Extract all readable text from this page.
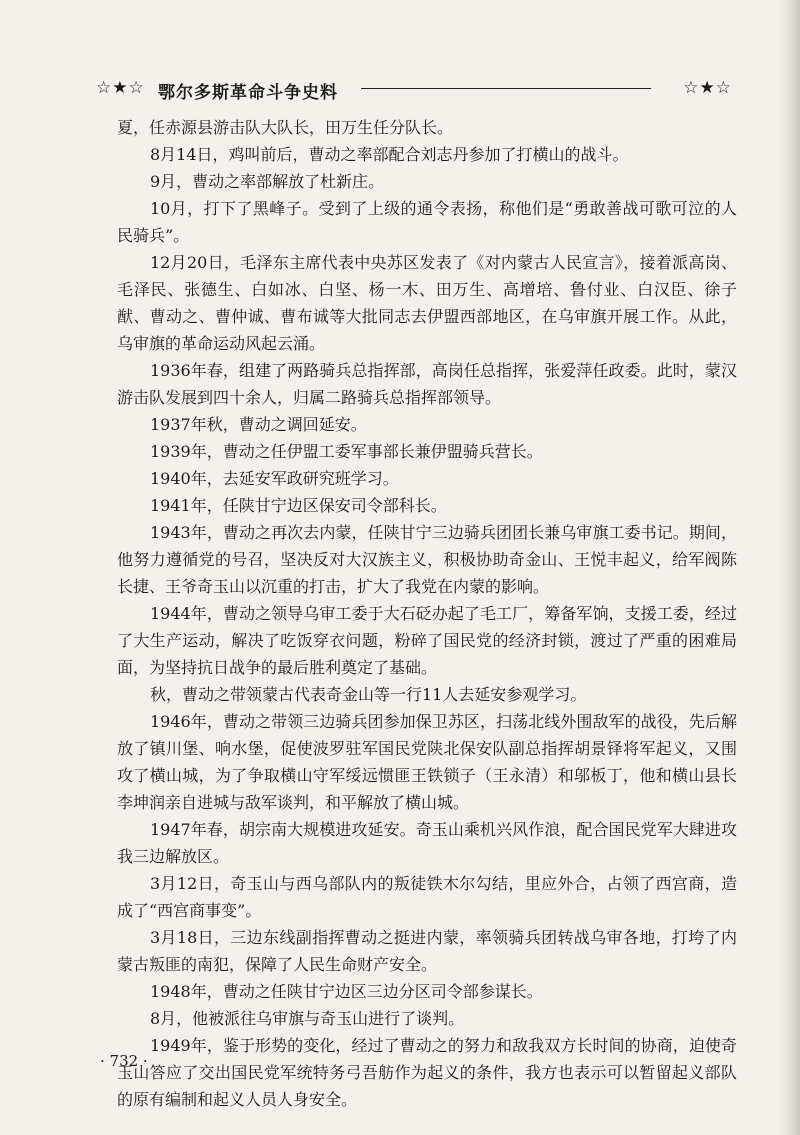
☆★☆ 鄂尔多斯革命斗争史料	☆★☆

夏，任赤源县游击队大队长，田万生任分队长。

8月14日，鸡叫前后，曹动之率部配合刘志丹参加了打横山的战斗。

9月，曹动之率部解放了杜新庄。

10月，打下了黑峰子。受到了上级的通令表扬，称他们是“勇敢善战可歌可泣的人民骑兵”。

12月20日，毛泽东主席代表中央苏区发表了《对内蒙古人民宣言》，接着派高岗、毛泽民、张德生、白如冰、白坚、杨一木、田万生、高增培、鲁付业、白汉臣、徐子猷、曹动之、曹仲诚、曹布诚等大批同志去伊盟西部地区，在乌审旗开展工作。从此，乌审旗的革命运动风起云涌。

1936年春，组建了两路骑兵总指挥部，高岗任总指挥，张爱萍任政委。此时，蒙汉游击队发展到四十余人，归属二路骑兵总指挥部领导。

1937年秋，曹动之调回延安。

1939年，曹动之任伊盟工委军事部长兼伊盟骑兵营长。

1940年，去延安军政研究班学习。

1941年，任陕甘宁边区保安司令部科长。

1943年，曹动之再次去内蒙，任陕甘宁三边骑兵团团长兼乌审旗工委书记。期间，他努力遵循党的号召，坚决反对大汉族主义，积极协助奇金山、王悦丰起义，给军阀陈长捷、王爷奇玉山以沉重的打击，扩大了我党在内蒙的影响。

1944年，曹动之领导乌审工委于大石砭办起了毛工厂，筹备军饷，支援工委，经过了大生产运动，解决了吃饭穿衣问题，粉碎了国民党的经济封锁，渡过了严重的困难局面，为坚持抗日战争的最后胜利奠定了基础。

秋，曹动之带领蒙古代表奇金山等一行11人去延安参观学习。

1946年，曹动之带领三边骑兵团参加保卫苏区，扫荡北线外围敌军的战役，先后解放了镇川堡、响水堡，促使波罗驻军国民党陕北保安队副总指挥胡景铎将军起义，又围攻了横山城，为了争取横山守军绥远惯匪王铁锁子（王永清）和邬板丁，他和横山县长李坤润亲自进城与敌军谈判，和平解放了横山城。

1947年春，胡宗南大规模进攻延安。奇玉山乘机兴风作浪，配合国民党军大肆进攻我三边解放区。

3月12日，奇玉山与西乌部队内的叛徒铁木尔勾结，里应外合，占领了西宫商，造成了“西宫商事变”。

3月18日，三边东线副指挥曹动之挺进内蒙，率领骑兵团转战乌审各地，打垮了内蒙古叛匪的南犯，保障了人民生命财产安全。

1948年，曹动之任陕甘宁边区三边分区司令部参谋长。

8月，他被派往乌审旗与奇玉山进行了谈判。

1949年，鉴于形势的变化，经过了曹动之的努力和敌我双方长时间的协商，迫使奇玉山答应了交出国民党军统特务弓吾舫作为起义的条件，我方也表示可以暂留起义部队的原有编制和起义人员人身安全。

· 732 ·
